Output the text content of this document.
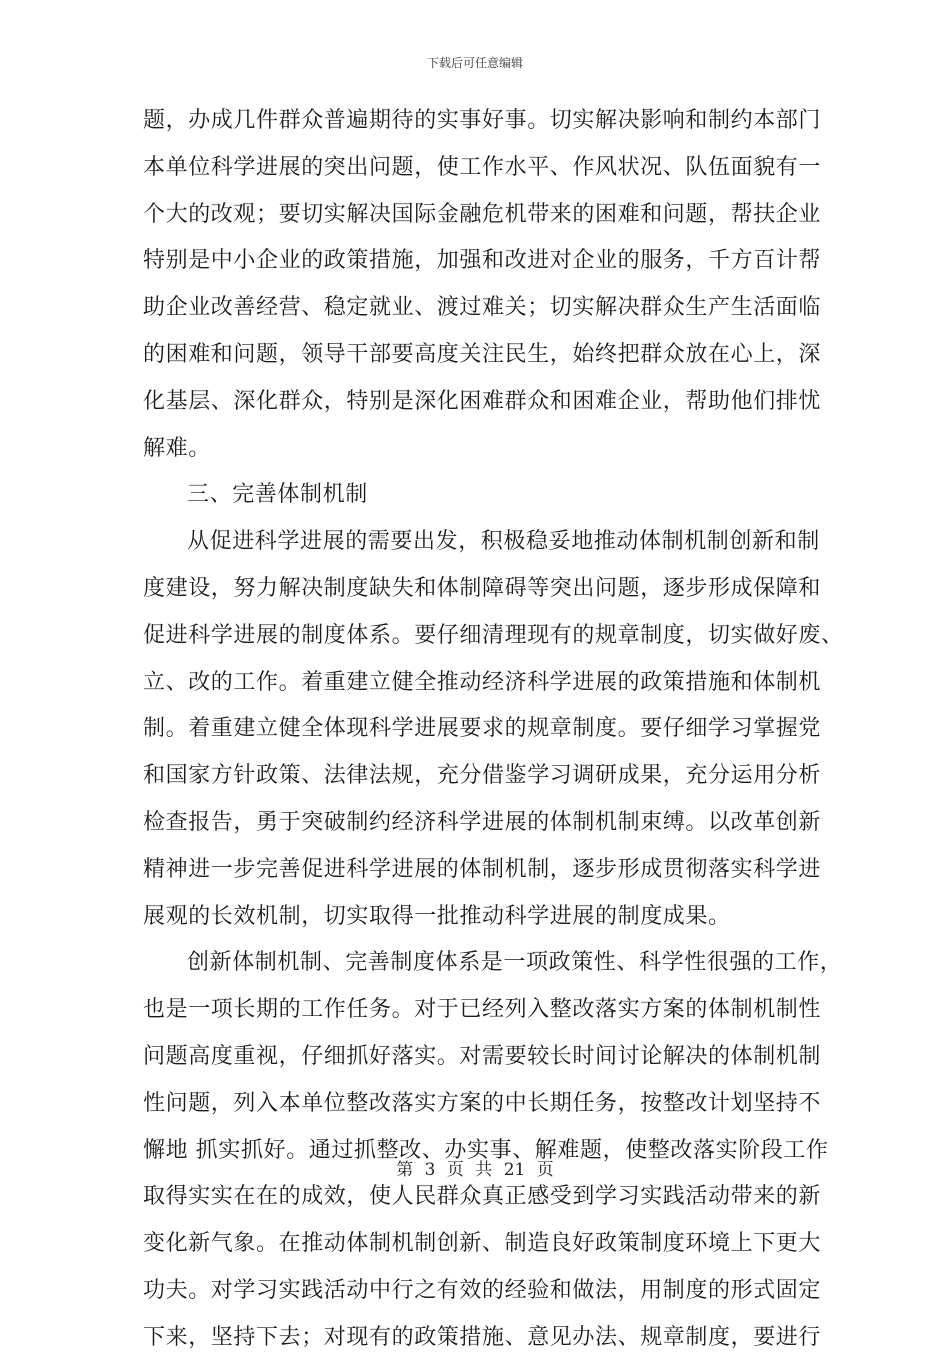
下载后可任意编辑
题，办成几件群众普遍期待的实事好事。切实解决影响和制约本部门
本单位科学进展的突出问题，使工作水平、作风状况、队伍面貌有一
个大的改观；要切实解决国际金融危机带来的困难和问题，帮扶企业
特别是中小企业的政策措施，加强和改进对企业的服务，千方百计帮
助企业改善经营、稳定就业、渡过难关；切实解决群众生产生活面临
的困难和问题，领导干部要高度关注民生，始终把群众放在心上，深
化基层、深化群众，特别是深化困难群众和困难企业，帮助他们排忧
解难。
三、完善体制机制
从促进科学进展的需要出发，积极稳妥地推动体制机制创新和制
度建设，努力解决制度缺失和体制障碍等突出问题，逐步形成保障和
促进科学进展的制度体系。要仔细清理现有的规章制度，切实做好废、
立、改的工作。着重建立健全推动经济科学进展的政策措施和体制机
制。着重建立健全体现科学进展要求的规章制度。要仔细学习掌握党
和国家方针政策、法律法规，充分借鉴学习调研成果，充分运用分析
检查报告，勇于突破制约经济科学进展的体制机制束缚。以改革创新
精神进一步完善促进科学进展的体制机制，逐步形成贯彻落实科学进
展观的长效机制，切实取得一批推动科学进展的制度成果。
创新体制机制、完善制度体系是一项政策性、科学性很强的工作，
也是一项长期的工作任务。对于已经列入整改落实方案的体制机制性
问题高度重视，仔细抓好落实。对需要较长时间讨论解决的体制机制
性问题，列入本单位整改落实方案的中长期任务，按整改计划坚持不
懈地 抓实抓好。通过抓整改、办实事、解难题，使整改落实阶段工作
取得实实在在的成效，使人民群众真正感受到学习实践活动带来的新
变化新气象。在推动体制机制创新、制造良好政策制度环境上下更大
功夫。对学习实践活动中行之有效的经验和做法，用制度的形式固定
下来，坚持下去；对现有的政策措施、意见办法、规章制度，要进行
第 3 页 共 21 页
